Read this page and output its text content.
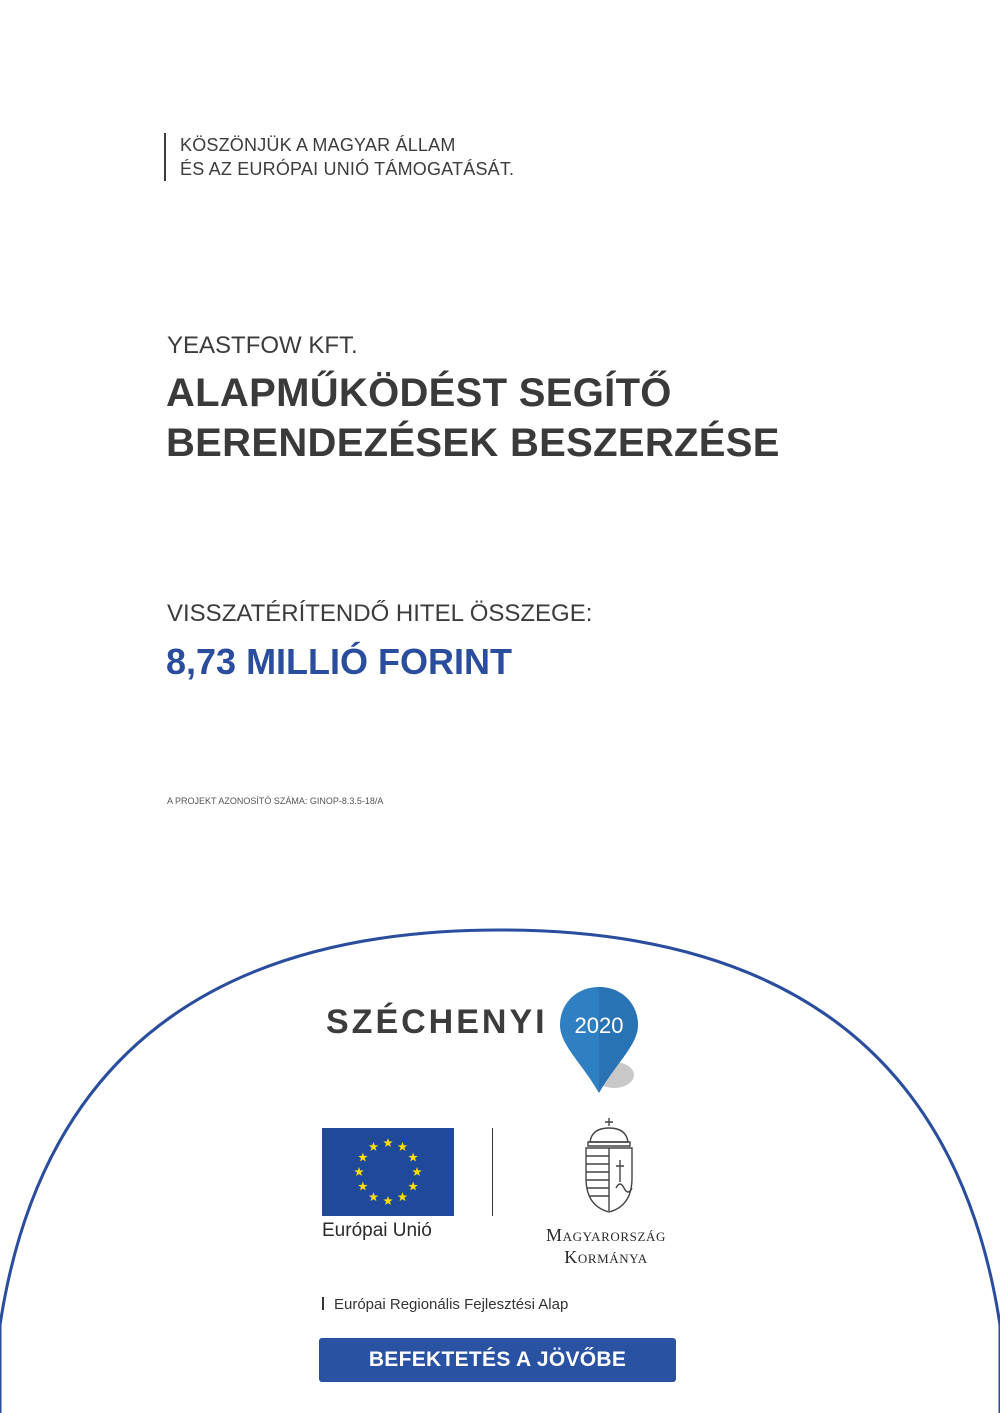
KÖSZÖNJÜK A MAGYAR ÁLLAM
ÉS AZ EURÓPAI UNIÓ TÁMOGATÁSÁT.
YEASTFOW KFT.
ALAPMŰKÖDÉST SEGÍTŐ
BERENDEZÉSEK BESZERZÉSE
VISSZATÉRÍTENDŐ HITEL ÖSSZEGE:
8,73 MILLIÓ FORINT
A PROJEKT AZONOSÍTÓ SZÁMA: GINOP-8.3.5-18/A
SZÉCHENYI 2020
Európai Unió	Magyarország
Kormánya
Európai Regionális Fejlesztési Alap
BEFEKTETÉS A JÖVŐBE
